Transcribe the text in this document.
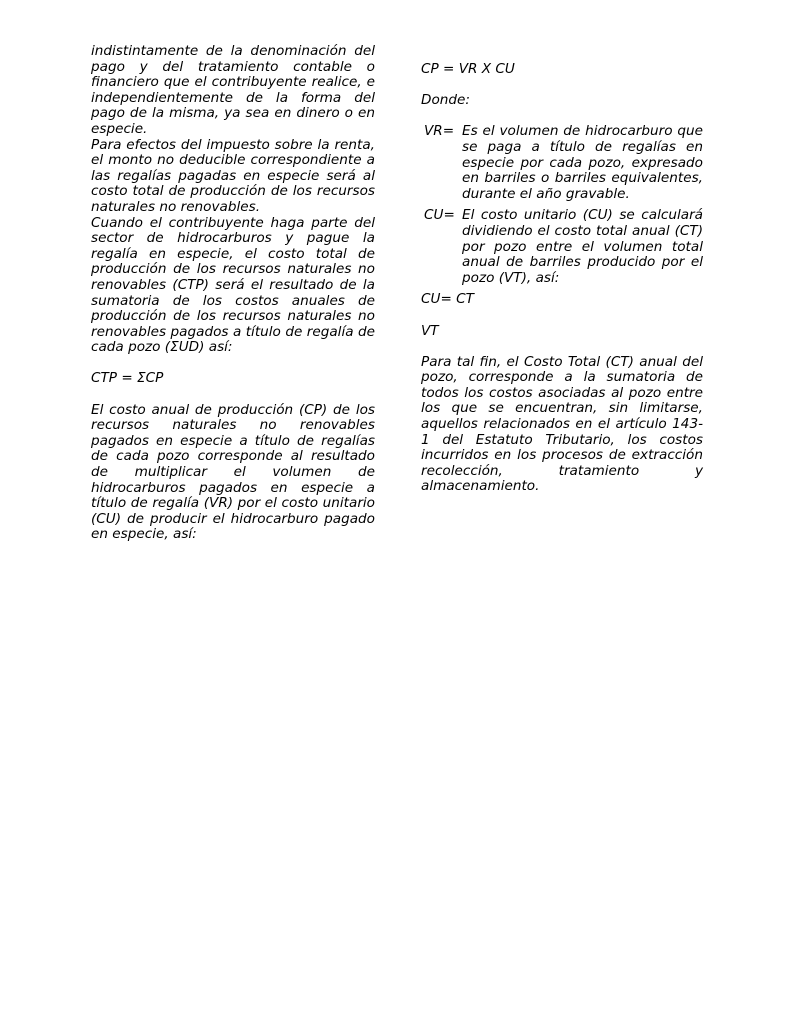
indistintamente de la denominación del pago y del tratamiento contable o financiero que el contribuyente realice, e independientemente de la forma del pago de la misma, ya sea en dinero o en especie.

Para efectos del impuesto sobre la renta, el monto no deducible correspondiente a las regalías pagadas en especie será al costo total de producción de los recursos naturales no renovables.

Cuando el contribuyente haga parte del sector de hidrocarburos y pague la regalía en especie, el costo total de producción de los recursos naturales no renovables (CTP) será el resultado de la sumatoria de los costos anuales de producción de los recursos naturales no renovables pagados a título de regalía de cada pozo (ΣUD) así:

CTP = ΣCP

El costo anual de producción (CP) de los recursos naturales no renovables pagados en especie a título de regalías de cada pozo corresponde al resultado de multiplicar el volumen de hidrocarburos pagados en especie a título de regalía (VR) por el costo unitario (CU) de producir el hidrocarburo pagado en especie, así:

CP = VR X CU

Donde:

VR= Es el volumen de hidrocarburo que se paga a título de regalías en especie por cada pozo, expresado en barriles o barriles equivalentes, durante el año gravable.
CU= El costo unitario (CU) se calculará dividiendo el costo total anual (CT) por pozo entre el volumen total anual de barriles producido por el pozo (VT), así:

CU= CT

VT

Para tal fin, el Costo Total (CT) anual del pozo, corresponde a la sumatoria de todos los costos asociadas al pozo entre los que se encuentran, sin limitarse, aquellos relacionados en el artículo 143-1 del Estatuto Tributario, los costos incurridos en los procesos de extracción recolección, tratamiento y almacenamiento.
